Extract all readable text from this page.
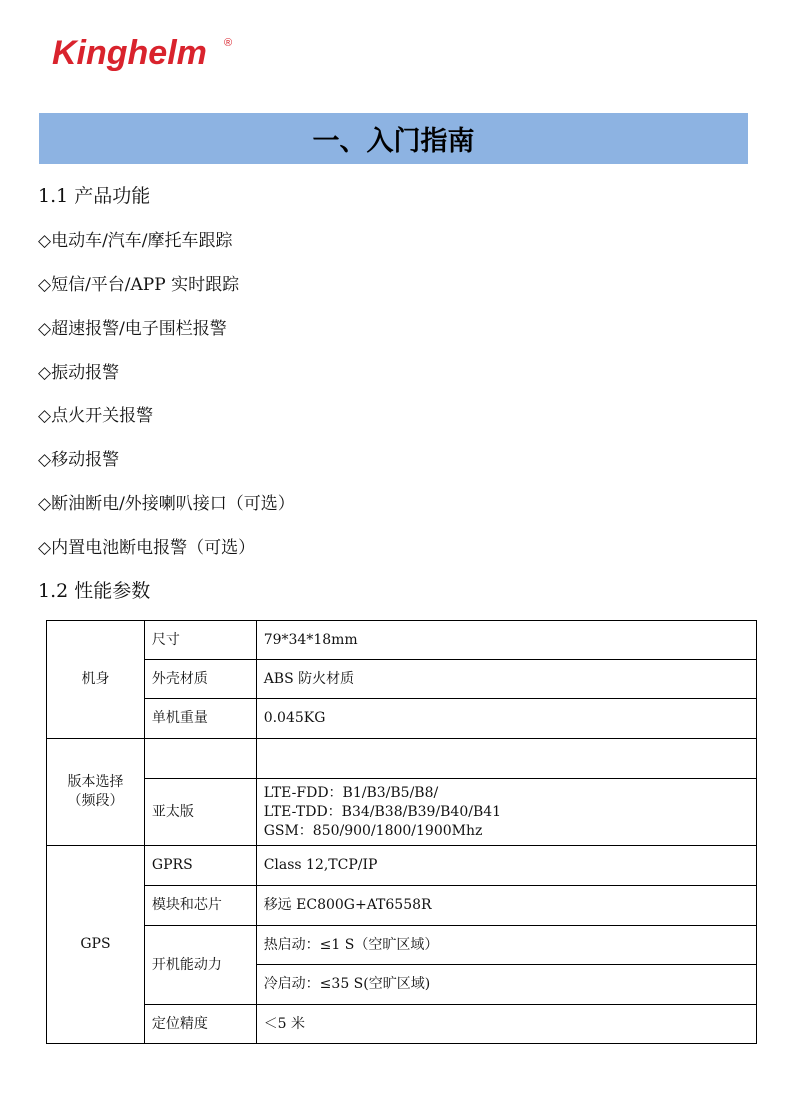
Kinghelm ®
一、入门指南
1.1 产品功能
◇电动车/汽车/摩托车跟踪
◇短信/平台/APP 实时跟踪
◇超速报警/电子围栏报警
◇振动报警
◇点火开关报警
◇移动报警
◇断油断电/外接喇叭接口（可选）
◇内置电池断电报警（可选）
1.2 性能参数
机身	尺寸	79*34*18mm
	外壳材质	ABS 防火材质
	单机重量	0.045KG
版本选择（频段）		
	亚太版	LTE-FDD：B1/B3/B5/B8/
LTE-TDD：B34/B38/B39/B40/B41
GSM：850/900/1800/1900Mhz

GPS	GPRS	Class 12,TCP/IP
	模块和芯片	移远 EC800G+AT6558R
	开机能动力	热启动：≤1 S（空旷区域）
		冷启动：≤35 S(空旷区域)
	定位精度	＜5 米
